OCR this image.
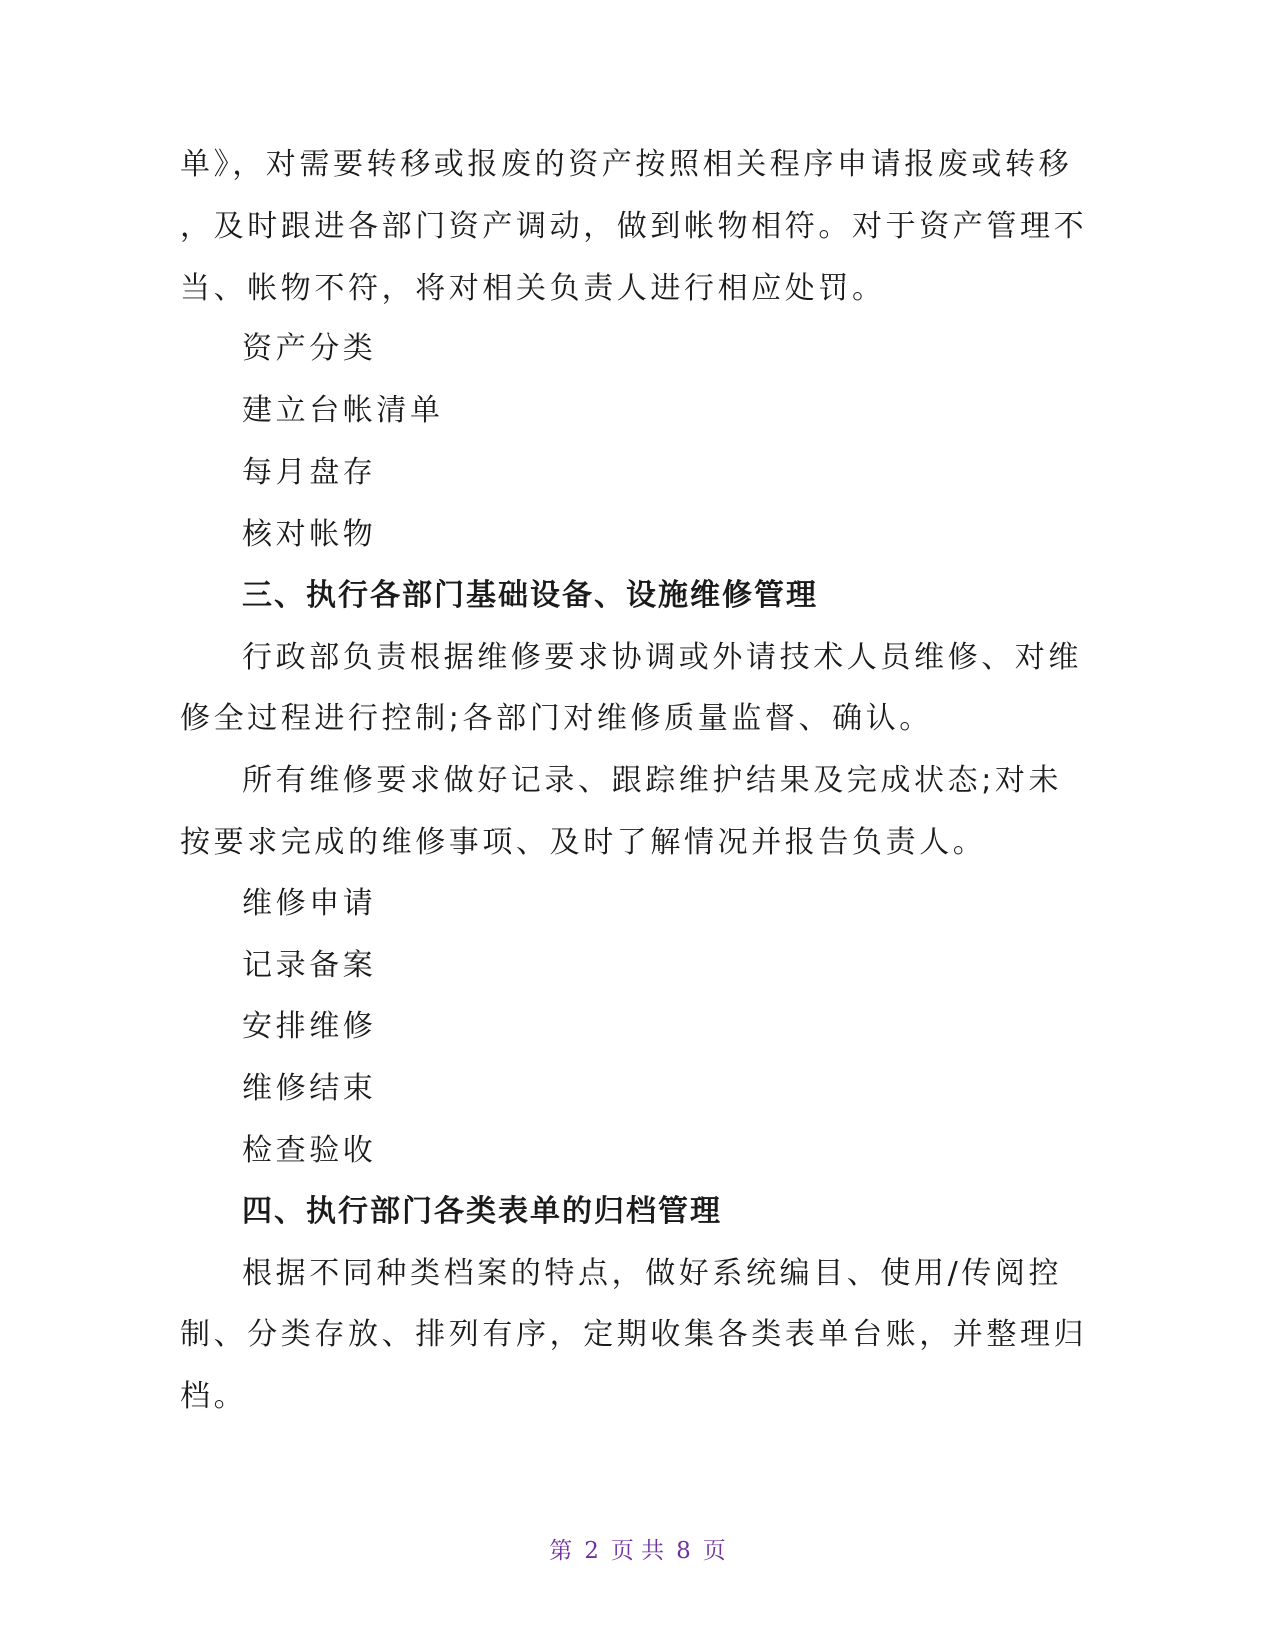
单》，对需要转移或报废的资产按照相关程序申请报废或转移
，及时跟进各部门资产调动，做到帐物相符。对于资产管理不
当、帐物不符，将对相关负责人进行相应处罚。
资产分类
建立台帐清单
每月盘存
核对帐物
三、执行各部门基础设备、设施维修管理
行政部负责根据维修要求协调或外请技术人员维修、对维
修全过程进行控制;各部门对维修质量监督、确认。
所有维修要求做好记录、跟踪维护结果及完成状态;对未
按要求完成的维修事项、及时了解情况并报告负责人。
维修申请
记录备案
安排维修
维修结束
检查验收
四、执行部门各类表单的归档管理
根据不同种类档案的特点，做好系统编目、使用/传阅控
制、分类存放、排列有序，定期收集各类表单台账，并整理归
档。
第 2 页 共 8 页
